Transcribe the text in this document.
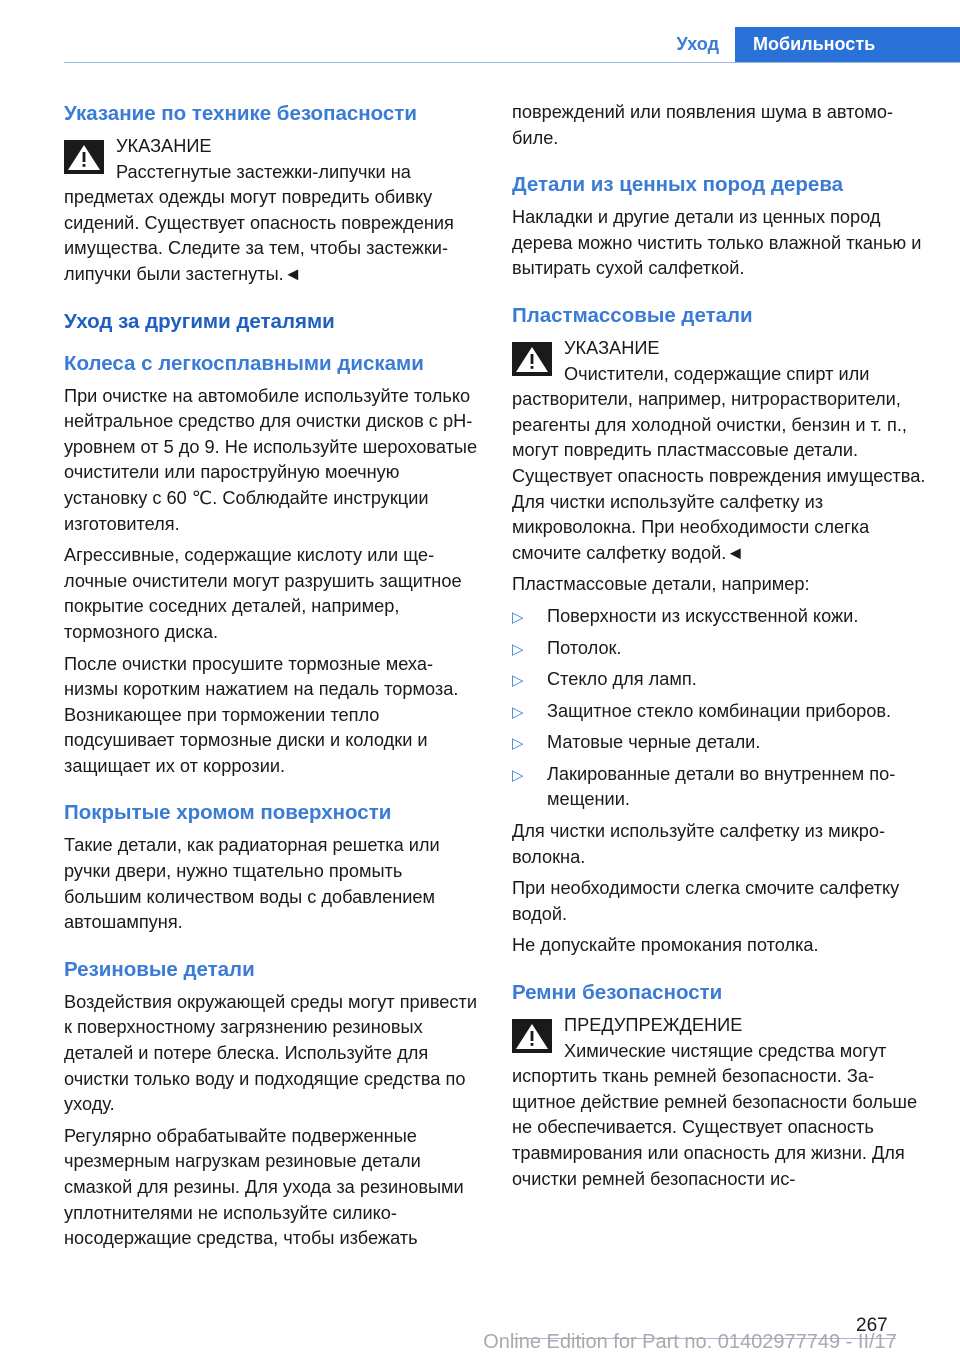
Уход	Мобильность
Указание по технике безопасности
УКАЗАНИЕ
Расстегнутые застежки-липучки на предметах одежды могут повредить обивку сидений. Существует опасность повреждения имущества. Следите за тем, чтобы застежки-липучки были застегнуты.◄
Уход за другими деталями
Колеса с легкосплавными дисками

При очистке на автомобиле используйте только нейтральное средство для очистки дисков с pH-уровнем от 5 до 9. Не используйте шероховатые очистители или пароструйную моечную установку с 60 ℃. Соблюдайте инструкции изготовителя.

Агрессивные, содержащие кислоту или щелочные очистители могут разрушить защитное покрытие соседних деталей, например, тормозного диска.

После очистки просушите тормозные механизмы коротким нажатием на педаль тормоза. Возникающее при торможении тепло подсушивает тормозные диски и колодки и защищает их от коррозии.

Покрытые хромом поверхности

Такие детали, как радиаторная решетка или ручки двери, нужно тщательно промыть большим количеством воды с добавлением автошампуня.

Резиновые детали

Воздействия окружающей среды могут привести к поверхностному загрязнению резиновых деталей и потере блеска. Используйте для очистки только воду и подходящие средства по уходу.

Регулярно обрабатывайте подверженные чрезмерным нагрузкам резиновые детали смазкой для резины. Для ухода за резиновыми уплотнителями не используйте силиконосодержащие средства, чтобы избежать

повреждений или появления шума в автомобиле.

Детали из ценных пород дерева

Накладки и другие детали из ценных пород дерева можно чистить только влажной тканью и вытирать сухой салфеткой.

Пластмассовые детали
УКАЗАНИЕ
Очистители, содержащие спирт или растворители, например, нитрорастворители, реагенты для холодной очистки, бензин и т. п., могут повредить пластмассовые детали. Существует опасность повреждения имущества. Для чистки используйте салфетку из микроволокна. При необходимости слегка смочите салфетку водой.◄

Пластмассовые детали, например:

▷ Поверхности из искусственной кожи.
▷ Потолок.
▷ Стекло для ламп.
▷ Защитное стекло комбинации приборов.
▷ Матовые черные детали.
▷ Лакированные детали во внутреннем помещении.

Для чистки используйте салфетку из микроволокна.

При необходимости слегка смочите салфетку водой.

Не допускайте промокания потолка.

Ремни безопасности
ПРЕДУПРЕЖДЕНИЕ
Химические чистящие средства могут испортить ткань ремней безопасности. Защитное действие ремней безопасности больше не обеспечивается. Существует опасность травмирования или опасность для жизни. Для очистки ремней безопасности ис-
267
Online Edition for Part no. 01402977749 - II/17
